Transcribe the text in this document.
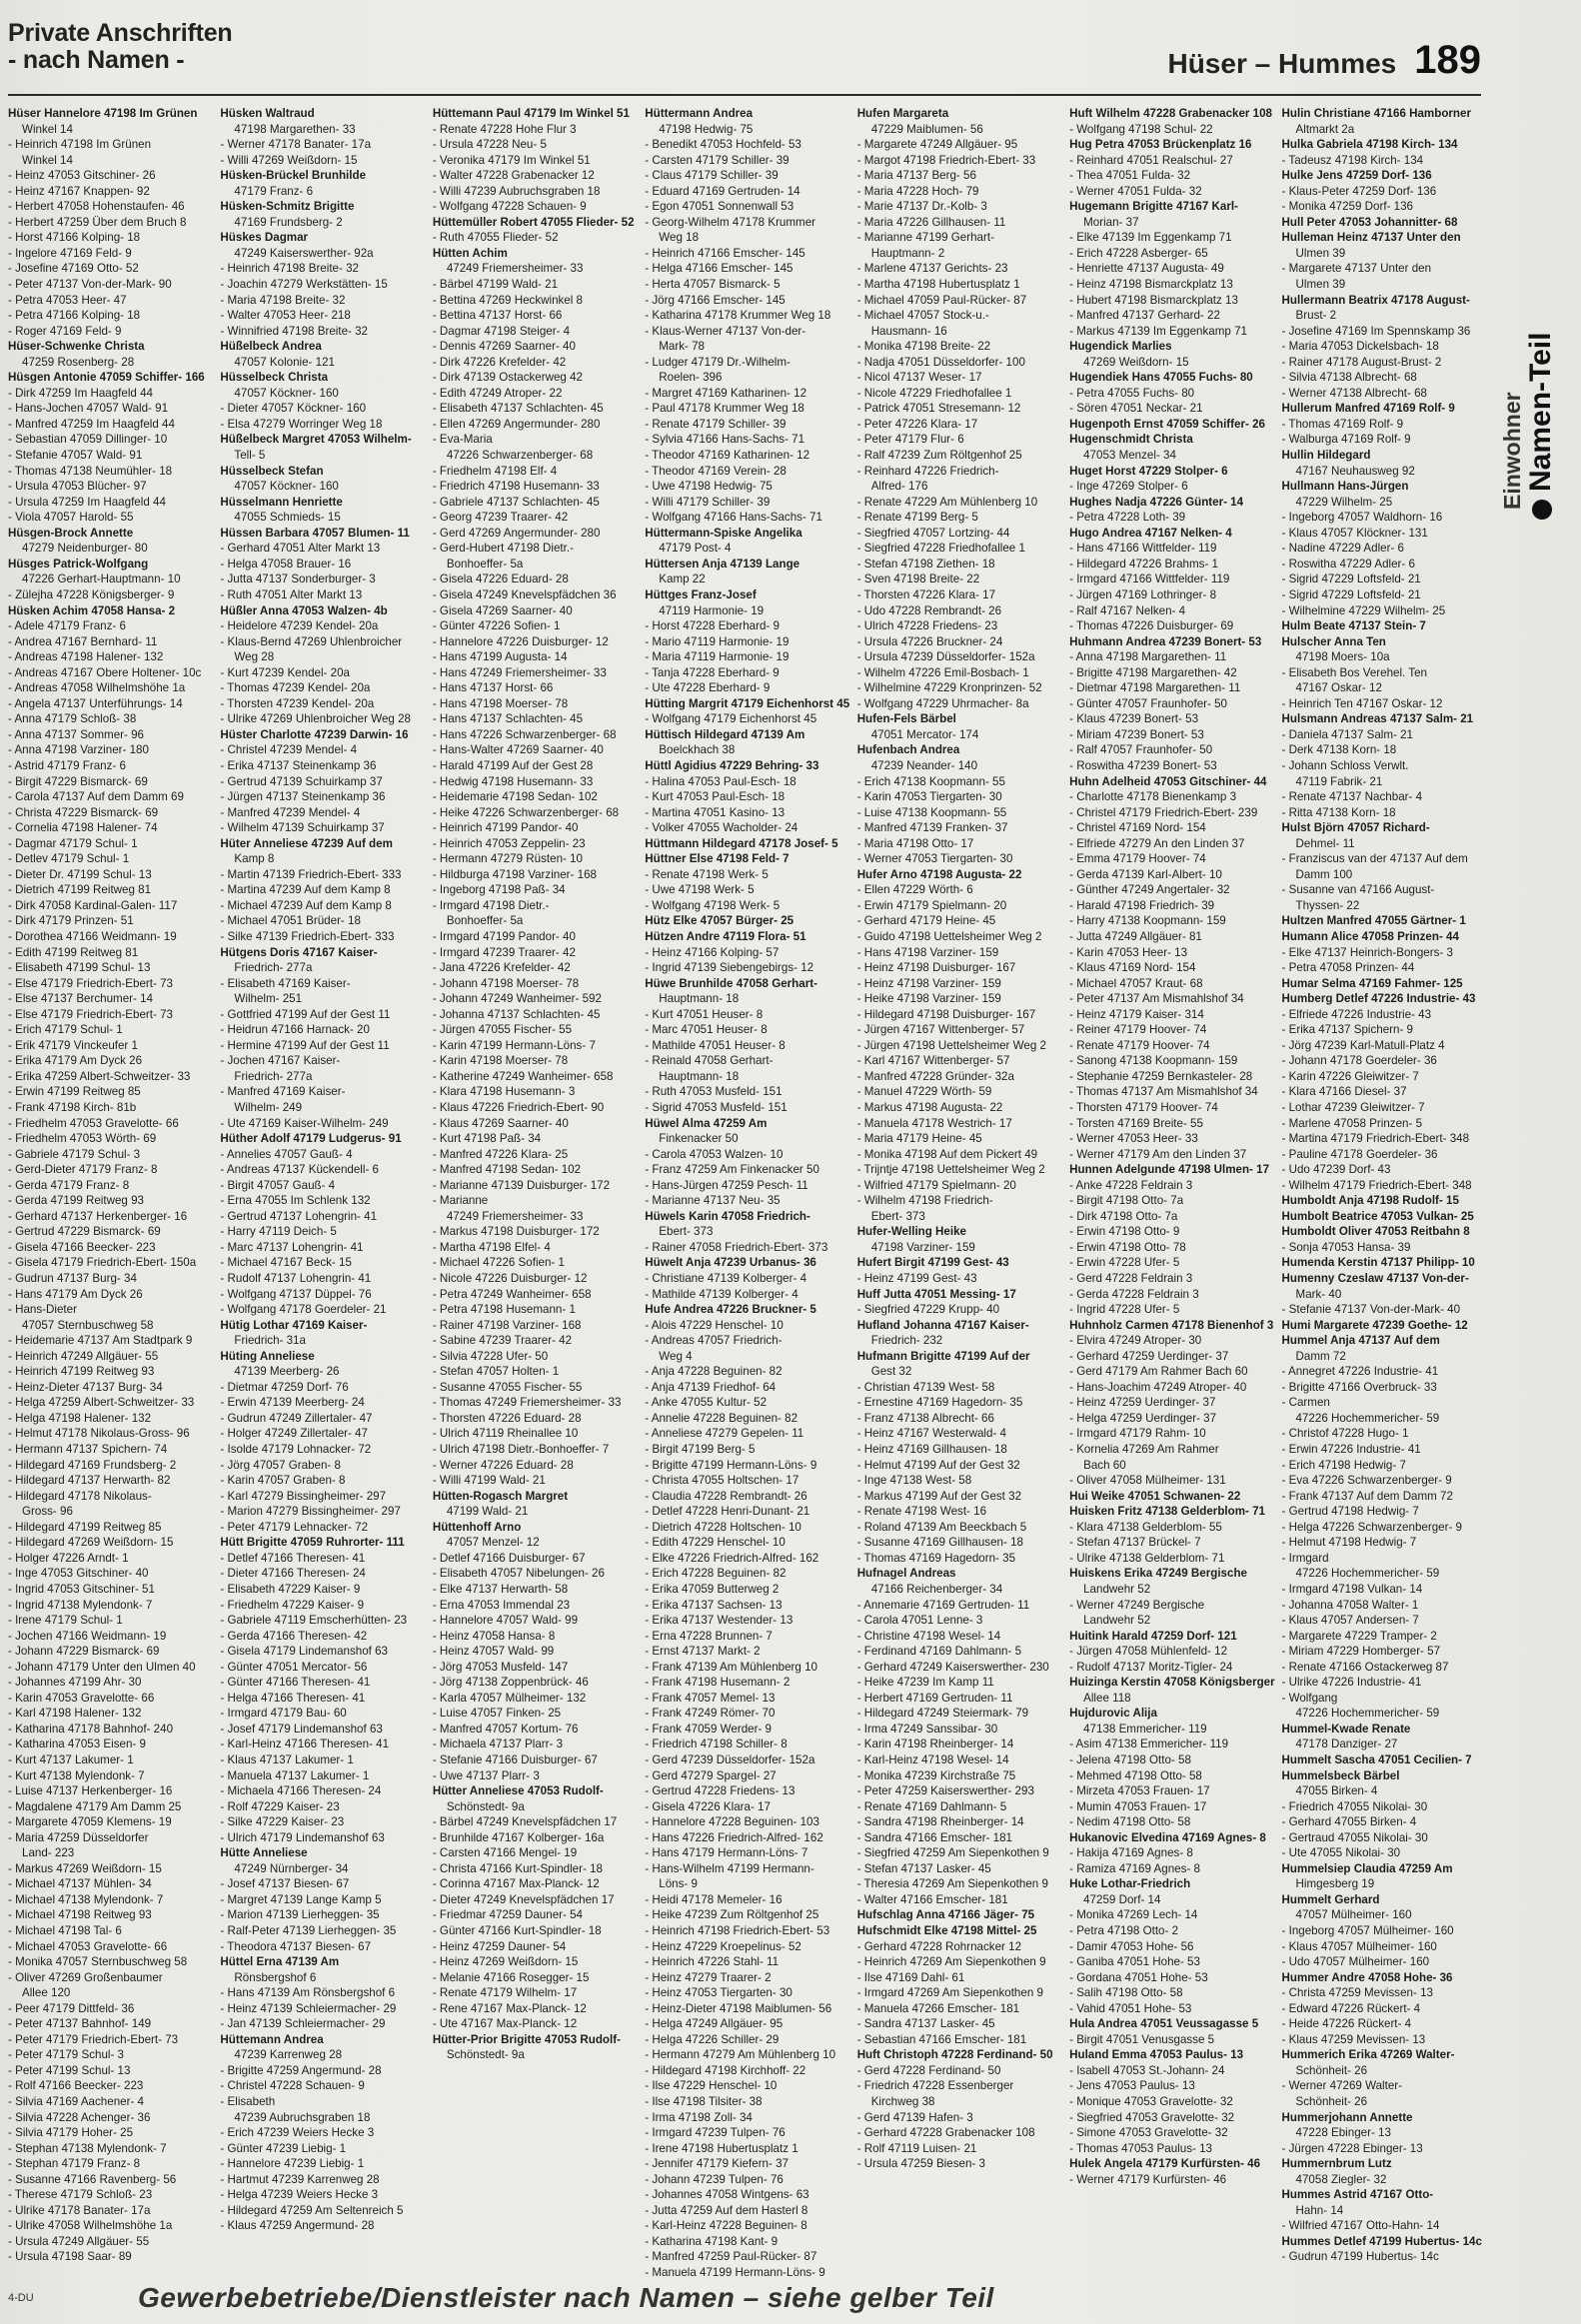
Private Anschriften
- nach Namen -	Hüser – Hummes 189
Einwohner Namen-Teil
Hüser Hannelore 47198 Im Grünen
Winkel 14
- Heinrich 47198 Im Grünen
Winkel 14
- Heinz 47053 Gitschiner- 26
- Heinz 47167 Knappen- 92
- Herbert 47058 Hohenstaufen- 46
- Herbert 47259 Über dem Bruch 8
- Horst 47166 Kolping- 18
- Ingelore 47169 Feld- 9
- Josefine 47169 Otto- 52
- Peter 47137 Von-der-Mark- 90
- Petra 47053 Heer- 47
- Petra 47166 Kolping- 18
- Roger 47169 Feld- 9
Hüser-Schwenke Christa
47259 Rosenberg- 28
Hüsgen Antonie 47059 Schiffer- 166
- Dirk 47259 Im Haagfeld 44
- Hans-Jochen 47057 Wald- 91
- Manfred 47259 Im Haagfeld 44
- Sebastian 47059 Dillinger- 10
- Stefanie 47057 Wald- 91
- Thomas 47138 Neumühler- 18
- Ursula 47053 Blücher- 97
- Ursula 47259 Im Haagfeld 44
- Viola 47057 Harold- 55
Hüsgen-Brock Annette
47279 Neidenburger- 80
Hüsges Patrick-Wolfgang
47226 Gerhart-Hauptmann- 10
- Zülejha 47228 Königsberger- 9
Hüsken Achim 47058 Hansa- 2
- Adele 47179 Franz- 6
- Andrea 47167 Bernhard- 11
- Andreas 47198 Halener- 132
- Andreas 47167 Obere Holtener- 10c
- Andreas 47058 Wilhelmshöhe 1a
- Angela 47137 Unterführungs- 14
- Anna 47179 Schloß- 38
- Anna 47137 Sommer- 96
- Anna 47198 Varziner- 180
- Astrid 47179 Franz- 6
- Birgit 47229 Bismarck- 69
- Carola 47137 Auf dem Damm 69
- Christa 47229 Bismarck- 69
- Cornelia 47198 Halener- 74
- Dagmar 47179 Schul- 1
- Detlev 47179 Schul- 1
- Dieter Dr. 47199 Schul- 13
- Dietrich 47199 Reitweg 81
- Dirk 47058 Kardinal-Galen- 117
- Dirk 47179 Prinzen- 51
- Dorothea 47166 Weidmann- 19
- Edith 47199 Reitweg 81
- Elisabeth 47199 Schul- 13
- Else 47179 Friedrich-Ebert- 73
- Else 47137 Berchumer- 14
- Else 47179 Friedrich-Ebert- 73
- Erich 47179 Schul- 1
- Erik 47179 Vinckeufer 1
- Erika 47179 Am Dyck 26
- Erika 47259 Albert-Schweitzer- 33
- Erwin 47199 Reitweg 85
- Frank 47198 Kirch- 81b
- Friedhelm 47053 Gravelotte- 66
- Friedhelm 47053 Wörth- 69
- Gabriele 47179 Schul- 3
- Gerd-Dieter 47179 Franz- 8
- Gerda 47179 Franz- 8
- Gerda 47199 Reitweg 93
- Gerhard 47137 Herkenberger- 16
- Gertrud 47229 Bismarck- 69
- Gisela 47166 Beecker- 223
- Gisela 47179 Friedrich-Ebert- 150a
- Gudrun 47137 Burg- 34
- Hans 47179 Am Dyck 26
- Hans-Dieter
47057 Sternbuschweg 58
- Heidemarie 47137 Am Stadtpark 9
- Heinrich 47249 Allgäuer- 55
- Heinrich 47199 Reitweg 93
- Heinz-Dieter 47137 Burg- 34
- Helga 47259 Albert-Schweitzer- 33
- Helga 47198 Halener- 132
- Helmut 47178 Nikolaus-Gross- 96
- Hermann 47137 Spichern- 74
- Hildegard 47169 Frundsberg- 2
- Hildegard 47137 Herwarth- 82
- Hildegard 47178 Nikolaus-
Gross- 96
- Hildegard 47199 Reitweg 85
- Hildegard 47269 Weißdorn- 15
- Holger 47226 Arndt- 1
- Inge 47053 Gitschiner- 40
- Ingrid 47053 Gitschiner- 51
- Ingrid 47138 Mylendonk- 7
- Irene 47179 Schul- 1
- Jochen 47166 Weidmann- 19
- Johann 47229 Bismarck- 69
- Johann 47179 Unter den Ulmen 40
- Johannes 47199 Ahr- 30
- Karin 47053 Gravelotte- 66
- Karl 47198 Halener- 132
- Katharina 47178 Bahnhof- 240
- Katharina 47053 Eisen- 9
- Kurt 47137 Lakumer- 1
- Kurt 47138 Mylendonk- 7
- Luise 47137 Herkenberger- 16
- Magdalene 47179 Am Damm 25
- Margarete 47059 Klemens- 19
- Maria 47259 Düsseldorfer
Land- 223
- Markus 47269 Weißdorn- 15
- Michael 47137 Mühlen- 34
- Michael 47138 Mylendonk- 7
- Michael 47198 Reitweg 93
- Michael 47198 Tal- 6
- Michael 47053 Gravelotte- 66
- Monika 47057 Sternbuschweg 58
- Oliver 47269 Großenbaumer
Allee 120
- Peer 47179 Dittfeld- 36
- Peter 47137 Bahnhof- 149
- Peter 47179 Friedrich-Ebert- 73
- Peter 47179 Schul- 3
- Peter 47199 Schul- 13
- Rolf 47166 Beecker- 223
- Silvia 47169 Aachener- 4
- Silvia 47228 Achenger- 36
- Silvia 47179 Hoher- 25
- Stephan 47138 Mylendonk- 7
- Stephan 47179 Franz- 8
- Susanne 47166 Ravenberg- 56
- Therese 47179 Schloß- 23
- Ulrike 47178 Banater- 17a
- Ulrike 47058 Wilhelmshöhe 1a
- Ursula 47249 Allgäuer- 55
- Ursula 47198 Saar- 89
Hüsken Waltraud
47198 Margarethen- 33
- Werner 47178 Banater- 17a
- Willi 47269 Weißdorn- 15
Hüsken-Brückel Brunhilde
47179 Franz- 6
Hüsken-Schmitz Brigitte
47169 Frundsberg- 2
Hüskes Dagmar
47249 Kaiserswerther- 92a
- Heinrich 47198 Breite- 32
- Joachin 47279 Werkstätten- 15
- Maria 47198 Breite- 32
- Walter 47053 Heer- 218
- Winnifried 47198 Breite- 32
Hüßelbeck Andrea
47057 Kolonie- 121
Hüsselbeck Christa
47057 Köckner- 160
- Dieter 47057 Köckner- 160
- Elsa 47279 Worringer Weg 18
Hüßelbeck Margret 47053 Wilhelm-
Tell- 5
Hüsselbeck Stefan
47057 Köckner- 160
Hüsselmann Henriette
47055 Schmieds- 15
Hüssen Barbara 47057 Blumen- 11
- Gerhard 47051 Alter Markt 13
- Helga 47058 Brauer- 16
- Jutta 47137 Sonderburger- 3
- Ruth 47051 Alter Markt 13
Hüßler Anna 47053 Walzen- 4b
- Heidelore 47239 Kendel- 20a
- Klaus-Bernd 47269 Uhlenbroicher
Weg 28
- Kurt 47239 Kendel- 20a
- Thomas 47239 Kendel- 20a
- Thorsten 47239 Kendel- 20a
- Ulrike 47269 Uhlenbroicher Weg 28
Hüster Charlotte 47239 Darwin- 16
- Christel 47239 Mendel- 4
- Erika 47137 Steinenkamp 36
- Gertrud 47139 Schuirkamp 37
- Jürgen 47137 Steinenkamp 36
- Manfred 47239 Mendel- 4
- Wilhelm 47139 Schuirkamp 37
Hüter Anneliese 47239 Auf dem
Kamp 8
- Martin 47139 Friedrich-Ebert- 333
- Martina 47239 Auf dem Kamp 8
- Michael 47239 Auf dem Kamp 8
- Michael 47051 Brüder- 18
- Silke 47139 Friedrich-Ebert- 333
Hütgens Doris 47167 Kaiser-
Friedrich- 277a
- Elisabeth 47169 Kaiser-
Wilhelm- 251
- Gottfried 47199 Auf der Gest 11
- Heidrun 47166 Harnack- 20
- Hermine 47199 Auf der Gest 11
- Jochen 47167 Kaiser-
Friedrich- 277a
- Manfred 47169 Kaiser-
Wilhelm- 249
- Ute 47169 Kaiser-Wilhelm- 249
Hüther Adolf 47179 Ludgerus- 91
- Annelies 47057 Gauß- 4
- Andreas 47137 Kückendell- 6
- Birgit 47057 Gauß- 4
- Erna 47055 Im Schlenk 132
- Gertrud 47137 Lohengrin- 41
- Harry 47119 Deich- 5
- Marc 47137 Lohengrin- 41
- Michael 47167 Beck- 15
- Rudolf 47137 Lohengrin- 41
- Wolfgang 47137 Düppel- 76
- Wolfgang 47178 Goerdeler- 21
Hütig Lothar 47169 Kaiser-
Friedrich- 31a
Hüting Anneliese
47139 Meerberg- 26
- Dietmar 47259 Dorf- 76
- Erwin 47139 Meerberg- 24
- Gudrun 47249 Zillertaler- 47
- Holger 47249 Zillertaler- 47
- Isolde 47179 Lohnacker- 72
- Jörg 47057 Graben- 8
- Karin 47057 Graben- 8
- Karl 47279 Bissingheimer- 297
- Marion 47279 Bissingheimer- 297
- Peter 47179 Lehnacker- 72
Hütt Brigitte 47059 Ruhrorter- 111
- Detlef 47166 Theresen- 41
- Dieter 47166 Theresen- 24
- Elisabeth 47229 Kaiser- 9
- Friedhelm 47229 Kaiser- 9
- Gabriele 47119 Emscherhütten- 23
- Gerda 47166 Theresen- 42
- Gisela 47179 Lindemanshof 63
- Günter 47051 Mercator- 56
- Günter 47166 Theresen- 41
- Helga 47166 Theresen- 41
- Irmgard 47179 Bau- 60
- Josef 47179 Lindemanshof 63
- Karl-Heinz 47166 Theresen- 41
- Klaus 47137 Lakumer- 1
- Manuela 47137 Lakumer- 1
- Michaela 47166 Theresen- 24
- Rolf 47229 Kaiser- 23
- Silke 47229 Kaiser- 23
- Ulrich 47179 Lindemanshof 63
Hütte Anneliese
47249 Nürnberger- 34
- Josef 47137 Biesen- 67
- Margret 47139 Lange Kamp 5
- Marion 47139 Lierheggen- 35
- Ralf-Peter 47139 Lierheggen- 35
- Theodora 47137 Biesen- 67
Hüttel Erna 47139 Am
Rönsbergshof 6
- Hans 47139 Am Rönsbergshof 6
- Heinz 47139 Schleiermacher- 29
- Jan 47139 Schleiermacher- 29
Hüttemann Andrea
47239 Karrenweg 28
- Brigitte 47259 Angermund- 28
- Christel 47228 Schauen- 9
- Elisabeth
47239 Aubruchsgraben 18
- Erich 47239 Weiers Hecke 3
- Günter 47239 Liebig- 1
- Hannelore 47239 Liebig- 1
- Hartmut 47239 Karrenweg 28
- Helga 47239 Weiers Hecke 3
- Hildegard 47259 Am Seltenreich 5
- Klaus 47259 Angermund- 28
Hüttemann Paul 47179 Im Winkel 51
- Renate 47228 Hohe Flur 3
- Ursula 47228 Neu- 5
- Veronika 47179 Im Winkel 51
- Walter 47228 Grabenacker 12
- Willi 47239 Aubruchsgraben 18
- Wolfgang 47228 Schauen- 9
Hüttemüller Robert 47055 Flieder- 52
- Ruth 47055 Flieder- 52
Hütten Achim
47249 Friemersheimer- 33
- Bärbel 47199 Wald- 21
- Bettina 47269 Heckwinkel 8
- Bettina 47137 Horst- 66
- Dagmar 47198 Steiger- 4
- Dennis 47269 Saarner- 40
- Dirk 47226 Krefelder- 42
- Dirk 47139 Ostackerweg 42
- Edith 47249 Atroper- 22
- Elisabeth 47137 Schlachten- 45
- Ellen 47269 Angermunder- 280
- Eva-Maria
47226 Schwarzenberger- 68
- Friedhelm 47198 Elf- 4
- Friedrich 47198 Husemann- 33
- Gabriele 47137 Schlachten- 45
- Georg 47239 Traarer- 42
- Gerd 47269 Angermunder- 280
- Gerd-Hubert 47198 Dietr.-
Bonhoeffer- 5a
- Gisela 47226 Eduard- 28
- Gisela 47249 Knevelspfädchen 36
- Gisela 47269 Saarner- 40
- Günter 47226 Sofien- 1
- Hannelore 47226 Duisburger- 12
- Hans 47199 Augusta- 14
- Hans 47249 Friemersheimer- 33
- Hans 47137 Horst- 66
- Hans 47198 Moerser- 78
- Hans 47137 Schlachten- 45
- Hans 47226 Schwarzenberger- 68
- Hans-Walter 47269 Saarner- 40
- Harald 47199 Auf der Gest 28
- Hedwig 47198 Husemann- 33
- Heidemarie 47198 Sedan- 102
- Heike 47226 Schwarzenberger- 68
- Heinrich 47199 Pandor- 40
- Heinrich 47053 Zeppelin- 23
- Hermann 47279 Rüsten- 10
- Hildburga 47198 Varziner- 168
- Ingeborg 47198 Paß- 34
- Irmgard 47198 Dietr.-
Bonhoeffer- 5a
- Irmgard 47199 Pandor- 40
- Irmgard 47239 Traarer- 42
- Jana 47226 Krefelder- 42
- Johann 47198 Moerser- 78
- Johann 47249 Wanheimer- 592
- Johanna 47137 Schlachten- 45
- Jürgen 47055 Fischer- 55
- Karin 47199 Hermann-Löns- 7
- Karin 47198 Moerser- 78
- Katherine 47249 Wanheimer- 658
- Klara 47198 Husemann- 3
- Klaus 47226 Friedrich-Ebert- 90
- Klaus 47269 Saarner- 40
- Kurt 47198 Paß- 34
- Manfred 47226 Klara- 25
- Manfred 47198 Sedan- 102
- Marianne 47139 Duisburger- 172
- Marianne
47249 Friemersheimer- 33
- Markus 47198 Duisburger- 172
- Martha 47198 Elfel- 4
- Michael 47226 Sofien- 1
- Nicole 47226 Duisburger- 12
- Petra 47249 Wanheimer- 658
- Petra 47198 Husemann- 1
- Rainer 47198 Varziner- 168
- Sabine 47239 Traarer- 42
- Silvia 47228 Ufer- 50
- Stefan 47057 Holten- 1
- Susanne 47055 Fischer- 55
- Thomas 47249 Friemersheimer- 33
- Thorsten 47226 Eduard- 28
- Ulrich 47119 Rheinallee 10
- Ulrich 47198 Dietr.-Bonhoeffer- 7
- Werner 47226 Eduard- 28
- Willi 47199 Wald- 21
Hütten-Rogasch Margret
47199 Wald- 21
Hüttenhoff Arno
47057 Menzel- 12
- Detlef 47166 Duisburger- 67
- Elisabeth 47057 Nibelungen- 26
- Elke 47137 Herwarth- 58
- Erna 47053 Immendal 23
- Hannelore 47057 Wald- 99
- Heinz 47058 Hansa- 8
- Heinz 47057 Wald- 99
- Jörg 47053 Musfeld- 147
- Jörg 47138 Zoppenbrück- 46
- Karla 47057 Mülheimer- 132
- Luise 47057 Finken- 25
- Manfred 47057 Kortum- 76
- Michaela 47137 Plarr- 3
- Stefanie 47166 Duisburger- 67
- Uwe 47137 Plarr- 3
Hütter Anneliese 47053 Rudolf-
Schönstedt- 9a
- Bärbel 47249 Knevelspfädchen 17
- Brunhilde 47167 Kolberger- 16a
- Carsten 47166 Mengel- 19
- Christa 47166 Kurt-Spindler- 18
- Corinna 47167 Max-Planck- 12
- Dieter 47249 Knevelspfädchen 17
- Friedmar 47259 Dauner- 54
- Günter 47166 Kurt-Spindler- 18
- Heinz 47259 Dauner- 54
- Heinz 47269 Weißdorn- 15
- Melanie 47166 Rosegger- 15
- Renate 47179 Wilhelm- 17
- Rene 47167 Max-Planck- 12
- Ute 47167 Max-Planck- 12
Hütter-Prior Brigitte 47053 Rudolf-
Schönstedt- 9a
Hüttermann Andrea
47198 Hedwig- 75
- Benedikt 47053 Hochfeld- 53
- Carsten 47179 Schiller- 39
- Claus 47179 Schiller- 39
- Eduard 47169 Gertruden- 14
- Egon 47051 Sonnenwall 53
- Georg-Wilhelm 47178 Krummer
Weg 18
- Heinrich 47166 Emscher- 145
- Helga 47166 Emscher- 145
- Herta 47057 Bismarck- 5
- Jörg 47166 Emscher- 145
- Katharina 47178 Krummer Weg 18
- Klaus-Werner 47137 Von-der-
Mark- 78
- Ludger 47179 Dr.-Wilhelm-
Roelen- 396
- Margret 47169 Katharinen- 12
- Paul 47178 Krummer Weg 18
- Renate 47179 Schiller- 39
- Sylvia 47166 Hans-Sachs- 71
- Theodor 47169 Katharinen- 12
- Theodor 47169 Verein- 28
- Uwe 47198 Hedwig- 75
- Willi 47179 Schiller- 39
- Wolfgang 47166 Hans-Sachs- 71
Hüttermann-Spiske Angelika
47179 Post- 4
Hüttersen Anja 47139 Lange
Kamp 22
Hüttges Franz-Josef
47119 Harmonie- 19
- Horst 47228 Eberhard- 9
- Mario 47119 Harmonie- 19
- Maria 47119 Harmonie- 19
- Tanja 47228 Eberhard- 9
- Ute 47228 Eberhard- 9
Hütting Margrit 47179 Eichenhorst 45
- Wolfgang 47179 Eichenhorst 45
Hüttisch Hildegard 47139 Am
Boelckhach 38
Hüttl Agidius 47229 Behring- 33
- Halina 47053 Paul-Esch- 18
- Kurt 47053 Paul-Esch- 18
- Martina 47051 Kasino- 13
- Volker 47055 Wacholder- 24
Hüttmann Hildegard 47178 Josef- 5
Hüttner Else 47198 Feld- 7
- Renate 47198 Werk- 5
- Uwe 47198 Werk- 5
- Wolfgang 47198 Werk- 5
Hütz Elke 47057 Bürger- 25
Hützen Andre 47119 Flora- 51
- Heinz 47166 Kolping- 57
- Ingrid 47139 Siebengebirgs- 12
Hüwe Brunhilde 47058 Gerhart-
Hauptmann- 18
- Kurt 47051 Heuser- 8
- Marc 47051 Heuser- 8
- Mathilde 47051 Heuser- 8
- Reinald 47058 Gerhart-
Hauptmann- 18
- Ruth 47053 Musfeld- 151
- Sigrid 47053 Musfeld- 151
Hüwel Alma 47259 Am
Finkenacker 50
- Carola 47053 Walzen- 10
- Franz 47259 Am Finkenacker 50
- Hans-Jürgen 47259 Pesch- 11
- Marianne 47137 Neu- 35
Hüwels Karin 47058 Friedrich-
Ebert- 373
- Rainer 47058 Friedrich-Ebert- 373
Hüwelt Anja 47239 Urbanus- 36
- Christiane 47139 Kolberger- 4
- Mathilde 47139 Kolberger- 4
Hufe Andrea 47226 Bruckner- 5
- Alois 47229 Henschel- 10
- Andreas 47057 Friedrich-
Weg 4
- Anja 47228 Beguinen- 82
- Anja 47139 Friedhof- 64
- Anke 47055 Kultur- 52
- Annelie 47228 Beguinen- 82
- Anneliese 47279 Gepelen- 11
- Birgit 47199 Berg- 5
- Brigitte 47199 Hermann-Löns- 9
- Christa 47055 Holtschen- 17
- Claudia 47228 Rembrandt- 26
- Detlef 47228 Henri-Dunant- 21
- Dietrich 47228 Holtschen- 10
- Edith 47229 Henschel- 10
- Elke 47226 Friedrich-Alfred- 162
- Erich 47228 Beguinen- 82
- Erika 47059 Butterweg 2
- Erika 47137 Sachsen- 13
- Erika 47137 Westender- 13
- Erna 47228 Brunnen- 7
- Ernst 47137 Markt- 2
- Frank 47139 Am Mühlenberg 10
- Frank 47198 Husemann- 2
- Frank 47057 Memel- 13
- Frank 47249 Römer- 70
- Frank 47059 Werder- 9
- Friedrich 47198 Schiller- 8
- Gerd 47239 Düsseldorfer- 152a
- Gerd 47279 Spargel- 27
- Gertrud 47228 Friedens- 13
- Gisela 47226 Klara- 17
- Hannelore 47228 Beguinen- 103
- Hans 47226 Friedrich-Alfred- 162
- Hans 47179 Hermann-Löns- 7
- Hans-Wilhelm 47199 Hermann-
Löns- 9
- Heidi 47178 Memeler- 16
- Heike 47239 Zum Röltgenhof 25
- Heinrich 47198 Friedrich-Ebert- 53
- Heinz 47229 Kroepelinus- 52
- Heinrich 47226 Stahl- 11
- Heinz 47279 Traarer- 2
- Heinz 47053 Tiergarten- 30
- Heinz-Dieter 47198 Maiblumen- 56
- Helga 47249 Allgäuer- 95
- Helga 47226 Schiller- 29
- Hermann 47279 Am Mühlenberg 10
- Hildegard 47198 Kirchhoff- 22
- Ilse 47229 Henschel- 10
- Ilse 47198 Tilsiter- 38
- Irma 47198 Zoll- 34
- Irmgard 47239 Tulpen- 76
- Irene 47198 Hubertusplatz 1
- Jennifer 47179 Kiefern- 37
- Johann 47239 Tulpen- 76
- Johannes 47058 Wintgens- 63
- Jutta 47259 Auf dem Hasterl 8
- Karl-Heinz 47228 Beguinen- 8
- Katharina 47198 Kant- 9
- Manfred 47259 Paul-Rücker- 87
- Manuela 47199 Hermann-Löns- 9
Hufen Margareta
47229 Maiblumen- 56
- Margarete 47249 Allgäuer- 95
- Margot 47198 Friedrich-Ebert- 33
- Maria 47137 Berg- 56
- Maria 47228 Hoch- 79
- Marie 47137 Dr.-Kolb- 3
- Maria 47226 Gillhausen- 11
- Marianne 47199 Gerhart-
Hauptmann- 2
- Marlene 47137 Gerichts- 23
- Martha 47198 Hubertusplatz 1
- Michael 47059 Paul-Rücker- 87
- Michael 47057 Stock-u.-
Hausmann- 16
- Monika 47198 Breite- 22
- Nadja 47051 Düsseldorfer- 100
- Nicol 47137 Weser- 17
- Nicole 47229 Friedhofallee 1
- Patrick 47051 Stresemann- 12
- Peter 47226 Klara- 17
- Peter 47179 Flur- 6
- Ralf 47239 Zum Röltgenhof 25
- Reinhard 47226 Friedrich-
Alfred- 176
- Renate 47229 Am Mühlenberg 10
- Renate 47199 Berg- 5
- Siegfried 47057 Lortzing- 44
- Siegfried 47228 Friedhofallee 1
- Stefan 47198 Ziethen- 18
- Sven 47198 Breite- 22
- Thorsten 47226 Klara- 17
- Udo 47228 Rembrandt- 26
- Ulrich 47228 Friedens- 23
- Ursula 47226 Bruckner- 24
- Ursula 47239 Düsseldorfer- 152a
- Wilhelm 47226 Emil-Bosbach- 1
- Wilhelmine 47229 Kronprinzen- 52
- Wolfgang 47229 Uhrmacher- 8a
Hufen-Fels Bärbel
47051 Mercator- 174
Hufenbach Andrea
47239 Neander- 140
- Erich 47138 Koopmann- 55
- Karin 47053 Tiergarten- 30
- Luise 47138 Koopmann- 55
- Manfred 47139 Franken- 37
- Maria 47198 Otto- 17
- Werner 47053 Tiergarten- 30
Hufer Arno 47198 Augusta- 22
- Ellen 47229 Wörth- 6
- Erwin 47179 Spielmann- 20
- Gerhard 47179 Heine- 45
- Guido 47198 Uettelsheimer Weg 2
- Hans 47198 Varziner- 159
- Heinz 47198 Duisburger- 167
- Heinz 47198 Varziner- 159
- Heike 47198 Varziner- 159
- Hildegard 47198 Duisburger- 167
- Jürgen 47167 Wittenberger- 57
- Jürgen 47198 Uettelsheimer Weg 2
- Karl 47167 Wittenberger- 57
- Manfred 47228 Gründer- 32a
- Manuel 47229 Wörth- 59
- Markus 47198 Augusta- 22
- Manuela 47178 Westrich- 17
- Maria 47179 Heine- 45
- Monika 47198 Auf dem Pickert 49
- Trijntje 47198 Uettelsheimer Weg 2
- Wilfried 47179 Spielmann- 20
- Wilhelm 47198 Friedrich-
Ebert- 373
Hufer-Welling Heike
47198 Varziner- 159
Hufert Birgit 47199 Gest- 43
- Heinz 47199 Gest- 43
Huff Jutta 47051 Messing- 17
- Siegfried 47229 Krupp- 40
Hufland Johanna 47167 Kaiser-
Friedrich- 232
Hufmann Brigitte 47199 Auf der
Gest 32
- Christian 47139 West- 58
- Ernestine 47169 Hagedorn- 35
- Franz 47138 Albrecht- 66
- Heinz 47167 Westerwald- 4
- Heinz 47169 Gillhausen- 18
- Helmut 47199 Auf der Gest 32
- Inge 47138 West- 58
- Markus 47199 Auf der Gest 32
- Renate 47198 West- 16
- Roland 47139 Am Beeckbach 5
- Susanne 47169 Gillhausen- 18
- Thomas 47169 Hagedorn- 35
Hufnagel Andreas
47166 Reichenberger- 34
- Annemarie 47169 Gertruden- 11
- Carola 47051 Lenne- 3
- Christine 47198 Wesel- 14
- Ferdinand 47169 Dahlmann- 5
- Gerhard 47249 Kaiserswerther- 230
- Heike 47239 Im Kamp 11
- Herbert 47169 Gertruden- 11
- Hildegard 47249 Steiermark- 79
- Irma 47249 Sanssibar- 30
- Karin 47198 Rheinberger- 14
- Karl-Heinz 47198 Wesel- 14
- Monika 47239 Kirchstraße 75
- Peter 47259 Kaiserswerther- 293
- Renate 47169 Dahlmann- 5
- Sandra 47198 Rheinberger- 14
- Sandra 47166 Emscher- 181
- Siegfried 47259 Am Siepenkothen 9
- Stefan 47137 Lasker- 45
- Theresia 47269 Am Siepenkothen 9
- Walter 47166 Emscher- 181
Hufschlag Anna 47166 Jäger- 75
Hufschmidt Elke 47198 Mittel- 25
- Gerhard 47228 Rohrnacker 12
- Heinrich 47269 Am Siepenkothen 9
- Ilse 47169 Dahl- 61
- Irmgard 47269 Am Siepenkothen 9
- Manuela 47266 Emscher- 181
- Sandra 47137 Lasker- 45
- Sebastian 47166 Emscher- 181
Huft Christoph 47228 Ferdinand- 50
- Gerd 47228 Ferdinand- 50
- Friedrich 47228 Essenberger
Kirchweg 38
- Gerd 47139 Hafen- 3
- Gerhard 47228 Grabenacker 108
- Rolf 47119 Luisen- 21
- Ursula 47259 Biesen- 3
Huft Wilhelm 47228 Grabenacker 108
- Wolfgang 47198 Schul- 22
Hug Petra 47053 Brückenplatz 16
- Reinhard 47051 Realschul- 27
- Thea 47051 Fulda- 32
- Werner 47051 Fulda- 32
Hugemann Brigitte 47167 Karl-
Morian- 37
- Elke 47139 Im Eggenkamp 71
- Erich 47228 Asberger- 65
- Henriette 47137 Augusta- 49
- Heinz 47198 Bismarckplatz 13
- Hubert 47198 Bismarckplatz 13
- Manfred 47137 Gerhard- 22
- Markus 47139 Im Eggenkamp 71
Hugendick Marlies
47269 Weißdorn- 15
Hugendiek Hans 47055 Fuchs- 80
- Petra 47055 Fuchs- 80
- Sören 47051 Neckar- 21
Hugenpoth Ernst 47059 Schiffer- 26
Hugenschmidt Christa
47053 Menzel- 34
Huget Horst 47229 Stolper- 6
- Inge 47269 Stolper- 6
Hughes Nadja 47226 Günter- 14
- Petra 47228 Loth- 39
Hugo Andrea 47167 Nelken- 4
- Hans 47166 Wittfelder- 119
- Hildegard 47226 Brahms- 1
- Irmgard 47166 Wittfelder- 119
- Jürgen 47169 Lothringer- 8
- Ralf 47167 Nelken- 4
- Thomas 47226 Duisburger- 69
Huhmann Andrea 47239 Bonert- 53
- Anna 47198 Margarethen- 11
- Brigitte 47198 Margarethen- 42
- Dietmar 47198 Margarethen- 11
- Günter 47057 Fraunhofer- 50
- Klaus 47239 Bonert- 53
- Miriam 47239 Bonert- 53
- Ralf 47057 Fraunhofer- 50
- Roswitha 47239 Bonert- 53
Huhn Adelheid 47053 Gitschiner- 44
- Charlotte 47178 Bienenkamp 3
- Christel 47179 Friedrich-Ebert- 239
- Christel 47169 Nord- 154
- Elfriede 47279 An den Linden 37
- Emma 47179 Hoover- 74
- Gerda 47139 Karl-Albert- 10
- Günther 47249 Angertaler- 32
- Harald 47198 Friedrich- 39
- Harry 47138 Koopmann- 159
- Jutta 47249 Allgäuer- 81
- Karin 47053 Heer- 13
- Klaus 47169 Nord- 154
- Michael 47057 Kraut- 68
- Peter 47137 Am Mismahlshof 34
- Heinz 47179 Kaiser- 314
- Reiner 47179 Hoover- 74
- Renate 47179 Hoover- 74
- Sanong 47138 Koopmann- 159
- Stephanie 47259 Bernkasteler- 28
- Thomas 47137 Am Mismahlshof 34
- Thorsten 47179 Hoover- 74
- Torsten 47169 Breite- 55
- Werner 47053 Heer- 33
- Werner 47179 Am den Linden 37
Hunnen Adelgunde 47198 Ulmen- 17
- Anke 47228 Feldrain 3
- Birgit 47198 Otto- 7a
- Dirk 47198 Otto- 7a
- Erwin 47198 Otto- 9
- Erwin 47198 Otto- 78
- Erwin 47228 Ufer- 5
- Gerd 47228 Feldrain 3
- Gerda 47228 Feldrain 3
- Ingrid 47228 Ufer- 5
Huhnholz Carmen 47178 Bienenhof 3
- Elvira 47249 Atroper- 30
- Gerhard 47259 Uerdinger- 37
- Gerd 47179 Am Rahmer Bach 60
- Hans-Joachim 47249 Atroper- 40
- Heinz 47259 Uerdinger- 37
- Helga 47259 Uerdinger- 37
- Irmgard 47179 Rahm- 10
- Kornelia 47269 Am Rahmer
Bach 60
- Oliver 47058 Mülheimer- 131
Hui Weike 47051 Schwanen- 22
Huisken Fritz 47138 Gelderblom- 71
- Klara 47138 Gelderblom- 55
- Stefan 47137 Brückel- 7
- Ulrike 47138 Gelderblom- 71
Huiskens Erika 47249 Bergische
Landwehr 52
- Werner 47249 Bergische
Landwehr 52
Huitink Harald 47259 Dorf- 121
- Jürgen 47058 Mühlenfeld- 12
- Rudolf 47137 Moritz-Tigler- 24
Huizinga Kerstin 47058 Königsberger
Allee 118
Hujdurovic Alija
47138 Emmericher- 119
- Asim 47138 Emmericher- 119
- Jelena 47198 Otto- 58
- Mehmed 47198 Otto- 58
- Mirzeta 47053 Frauen- 17
- Mumin 47053 Frauen- 17
- Nedim 47198 Otto- 58
Hukanovic Elvedina 47169 Agnes- 8
- Hakija 47169 Agnes- 8
- Ramiza 47169 Agnes- 8
Huke Lothar-Friedrich
47259 Dorf- 14
- Monika 47269 Lech- 14
- Petra 47198 Otto- 2
- Damir 47053 Hohe- 56
- Ganiba 47051 Hohe- 53
- Gordana 47051 Hohe- 53
- Salih 47198 Otto- 58
- Vahid 47051 Hohe- 53
Hula Andrea 47051 Veussagasse 5
- Birgit 47051 Venusgasse 5
Huland Emma 47053 Paulus- 13
- Isabell 47053 St.-Johann- 24
- Jens 47053 Paulus- 13
- Monique 47053 Gravelotte- 32
- Siegfried 47053 Gravelotte- 32
- Simone 47053 Gravelotte- 32
- Thomas 47053 Paulus- 13
Hulek Angela 47179 Kurfürsten- 46
- Werner 47179 Kurfürsten- 46
Hulin Christiane 47166 Hamborner
Altmarkt 2a
Hulka Gabriela 47198 Kirch- 134
- Tadeusz 47198 Kirch- 134
Hulke Jens 47259 Dorf- 136
- Klaus-Peter 47259 Dorf- 136
- Monika 47259 Dorf- 136
Hull Peter 47053 Johannitter- 68
Hulleman Heinz 47137 Unter den
Ulmen 39
- Margarete 47137 Unter den
Ulmen 39
Hullermann Beatrix 47178 August-
Brust- 2
- Josefine 47169 Im Spennskamp 36
- Maria 47053 Dickelsbach- 18
- Rainer 47178 August-Brust- 2
- Silvia 47138 Albrecht- 68
- Werner 47138 Albrecht- 68
Hullerum Manfred 47169 Rolf- 9
- Thomas 47169 Rolf- 9
- Walburga 47169 Rolf- 9
Hullin Hildegard
47167 Neuhausweg 92
Hullmann Hans-Jürgen
47229 Wilhelm- 25
- Ingeborg 47057 Waldhorn- 16
- Klaus 47057 Klöckner- 131
- Nadine 47229 Adler- 6
- Roswitha 47229 Adler- 6
- Sigrid 47229 Loftsfeld- 21
- Sigrid 47229 Loftsfeld- 21
- Wilhelmine 47229 Wilhelm- 25
Hulm Beate 47137 Stein- 7
Hulscher Anna Ten
47198 Moers- 10a
- Elisabeth Bos Verehel. Ten
47167 Oskar- 12
- Heinrich Ten 47167 Oskar- 12
Hulsmann Andreas 47137 Salm- 21
- Daniela 47137 Salm- 21
- Derk 47138 Korn- 18
- Johann Schloss Verwlt.
47119 Fabrik- 21
- Renate 47137 Nachbar- 4
- Ritta 47138 Korn- 18
Hulst Björn 47057 Richard-
Dehmel- 11
- Franziscus van der 47137 Auf dem
Damm 100
- Susanne van 47166 August-
Thyssen- 22
Hultzen Manfred 47055 Gärtner- 1
Humann Alice 47058 Prinzen- 44
- Elke 47137 Heinrich-Bongers- 3
- Petra 47058 Prinzen- 44
Humar Selma 47169 Fahmer- 125
Humberg Detlef 47226 Industrie- 43
- Elfriede 47226 Industrie- 43
- Erika 47137 Spichern- 9
- Jörg 47239 Karl-Matull-Platz 4
- Johann 47178 Goerdeler- 36
- Karin 47226 Gleiwitzer- 7
- Klara 47166 Diesel- 37
- Lothar 47239 Gleiwitzer- 7
- Marlene 47058 Prinzen- 5
- Martina 47179 Friedrich-Ebert- 348
- Pauline 47178 Goerdeler- 36
- Udo 47239 Dorf- 43
- Wilhelm 47179 Friedrich-Ebert- 348
Humboldt Anja 47198 Rudolf- 15
Humbolt Beatrice 47053 Vulkan- 25
Humboldt Oliver 47053 Reitbahn 8
- Sonja 47053 Hansa- 39
Humenda Kerstin 47137 Philipp- 10
Humenny Czeslaw 47137 Von-der-
Mark- 40
- Stefanie 47137 Von-der-Mark- 40
Humi Margarete 47239 Goethe- 12
Hummel Anja 47137 Auf dem
Damm 72
- Annegret 47226 Industrie- 41
- Brigitte 47166 Overbruck- 33
- Carmen
47226 Hochemmericher- 59
- Christof 47228 Hugo- 1
- Erwin 47226 Industrie- 41
- Erich 47198 Hedwig- 7
- Eva 47226 Schwarzenberger- 9
- Frank 47137 Auf dem Damm 72
- Gertrud 47198 Hedwig- 7
- Helga 47226 Schwarzenberger- 9
- Helmut 47198 Hedwig- 7
- Irmgard
47226 Hochemmericher- 59
- Irmgard 47198 Vulkan- 14
- Johanna 47058 Walter- 1
- Klaus 47057 Andersen- 7
- Margarete 47229 Tramper- 2
- Miriam 47229 Homberger- 57
- Renate 47166 Ostackerweg 87
- Ulrike 47226 Industrie- 41
- Wolfgang
47226 Hochemmericher- 59
Hummel-Kwade Renate
47178 Danziger- 27
Hummelt Sascha 47051 Cecilien- 7
Hummelsbeck Bärbel
47055 Birken- 4
- Friedrich 47055 Nikolai- 30
- Gerhard 47055 Birken- 4
- Gertraud 47055 Nikolai- 30
- Ute 47055 Nikolai- 30
Hummelsiep Claudia 47259 Am
Himgesberg 19
Hummelt Gerhard
47057 Mülheimer- 160
- Ingeborg 47057 Mülheimer- 160
- Klaus 47057 Mülheimer- 160
- Udo 47057 Mülheimer- 160
Hummer Andre 47058 Hohe- 36
- Christa 47259 Mevissen- 13
- Edward 47226 Rückert- 4
- Heide 47226 Rückert- 4
- Klaus 47259 Mevissen- 13
Hummerich Erika 47269 Walter-
Schönheit- 26
- Werner 47269 Walter-
Schönheit- 26
Hummerjohann Annette
47228 Ebinger- 13
- Jürgen 47228 Ebinger- 13
Hummernbrum Lutz
47058 Ziegler- 32
Hummes Astrid 47167 Otto-
Hahn- 14
- Wilfried 47167 Otto-Hahn- 14
Hummes Detlef 47199 Hubertus- 14c
- Gudrun 47199 Hubertus- 14c
4-DU	Gewerbebetriebe/Dienstleister nach Namen – siehe gelber Teil
